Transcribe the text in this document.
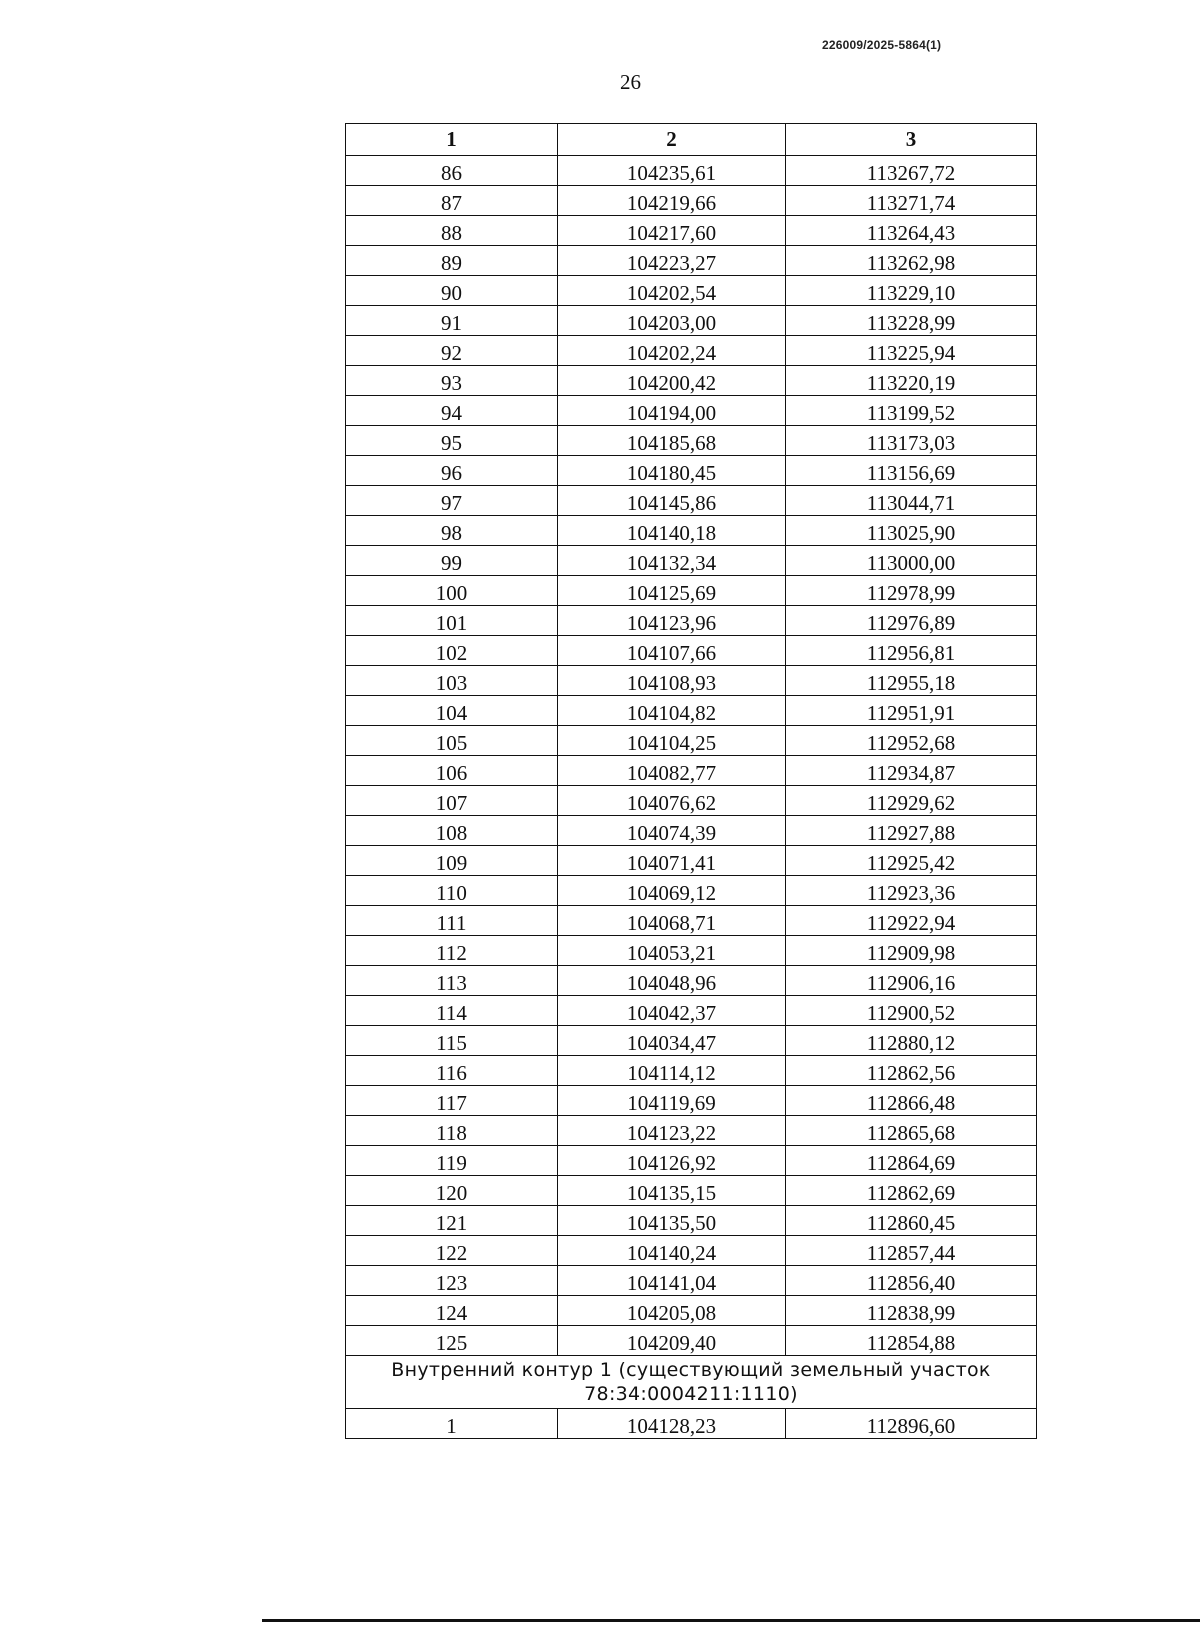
226009/2025-5864(1)
26
1	2	3
86	104235,61	113267,72
87	104219,66	113271,74
88	104217,60	113264,43
89	104223,27	113262,98
90	104202,54	113229,10
91	104203,00	113228,99
92	104202,24	113225,94
93	104200,42	113220,19
94	104194,00	113199,52
95	104185,68	113173,03
96	104180,45	113156,69
97	104145,86	113044,71
98	104140,18	113025,90
99	104132,34	113000,00
100	104125,69	112978,99
101	104123,96	112976,89
102	104107,66	112956,81
103	104108,93	112955,18
104	104104,82	112951,91
105	104104,25	112952,68
106	104082,77	112934,87
107	104076,62	112929,62
108	104074,39	112927,88
109	104071,41	112925,42
110	104069,12	112923,36
111	104068,71	112922,94
112	104053,21	112909,98
113	104048,96	112906,16
114	104042,37	112900,52
115	104034,47	112880,12
116	104114,12	112862,56
117	104119,69	112866,48
118	104123,22	112865,68
119	104126,92	112864,69
120	104135,15	112862,69
121	104135,50	112860,45
122	104140,24	112857,44
123	104141,04	112856,40
124	104205,08	112838,99
125	104209,40	112854,88
Внутренний контур 1 (существующий земельный участок
78:34:0004211:1110)		
1	104128,23	112896,60
